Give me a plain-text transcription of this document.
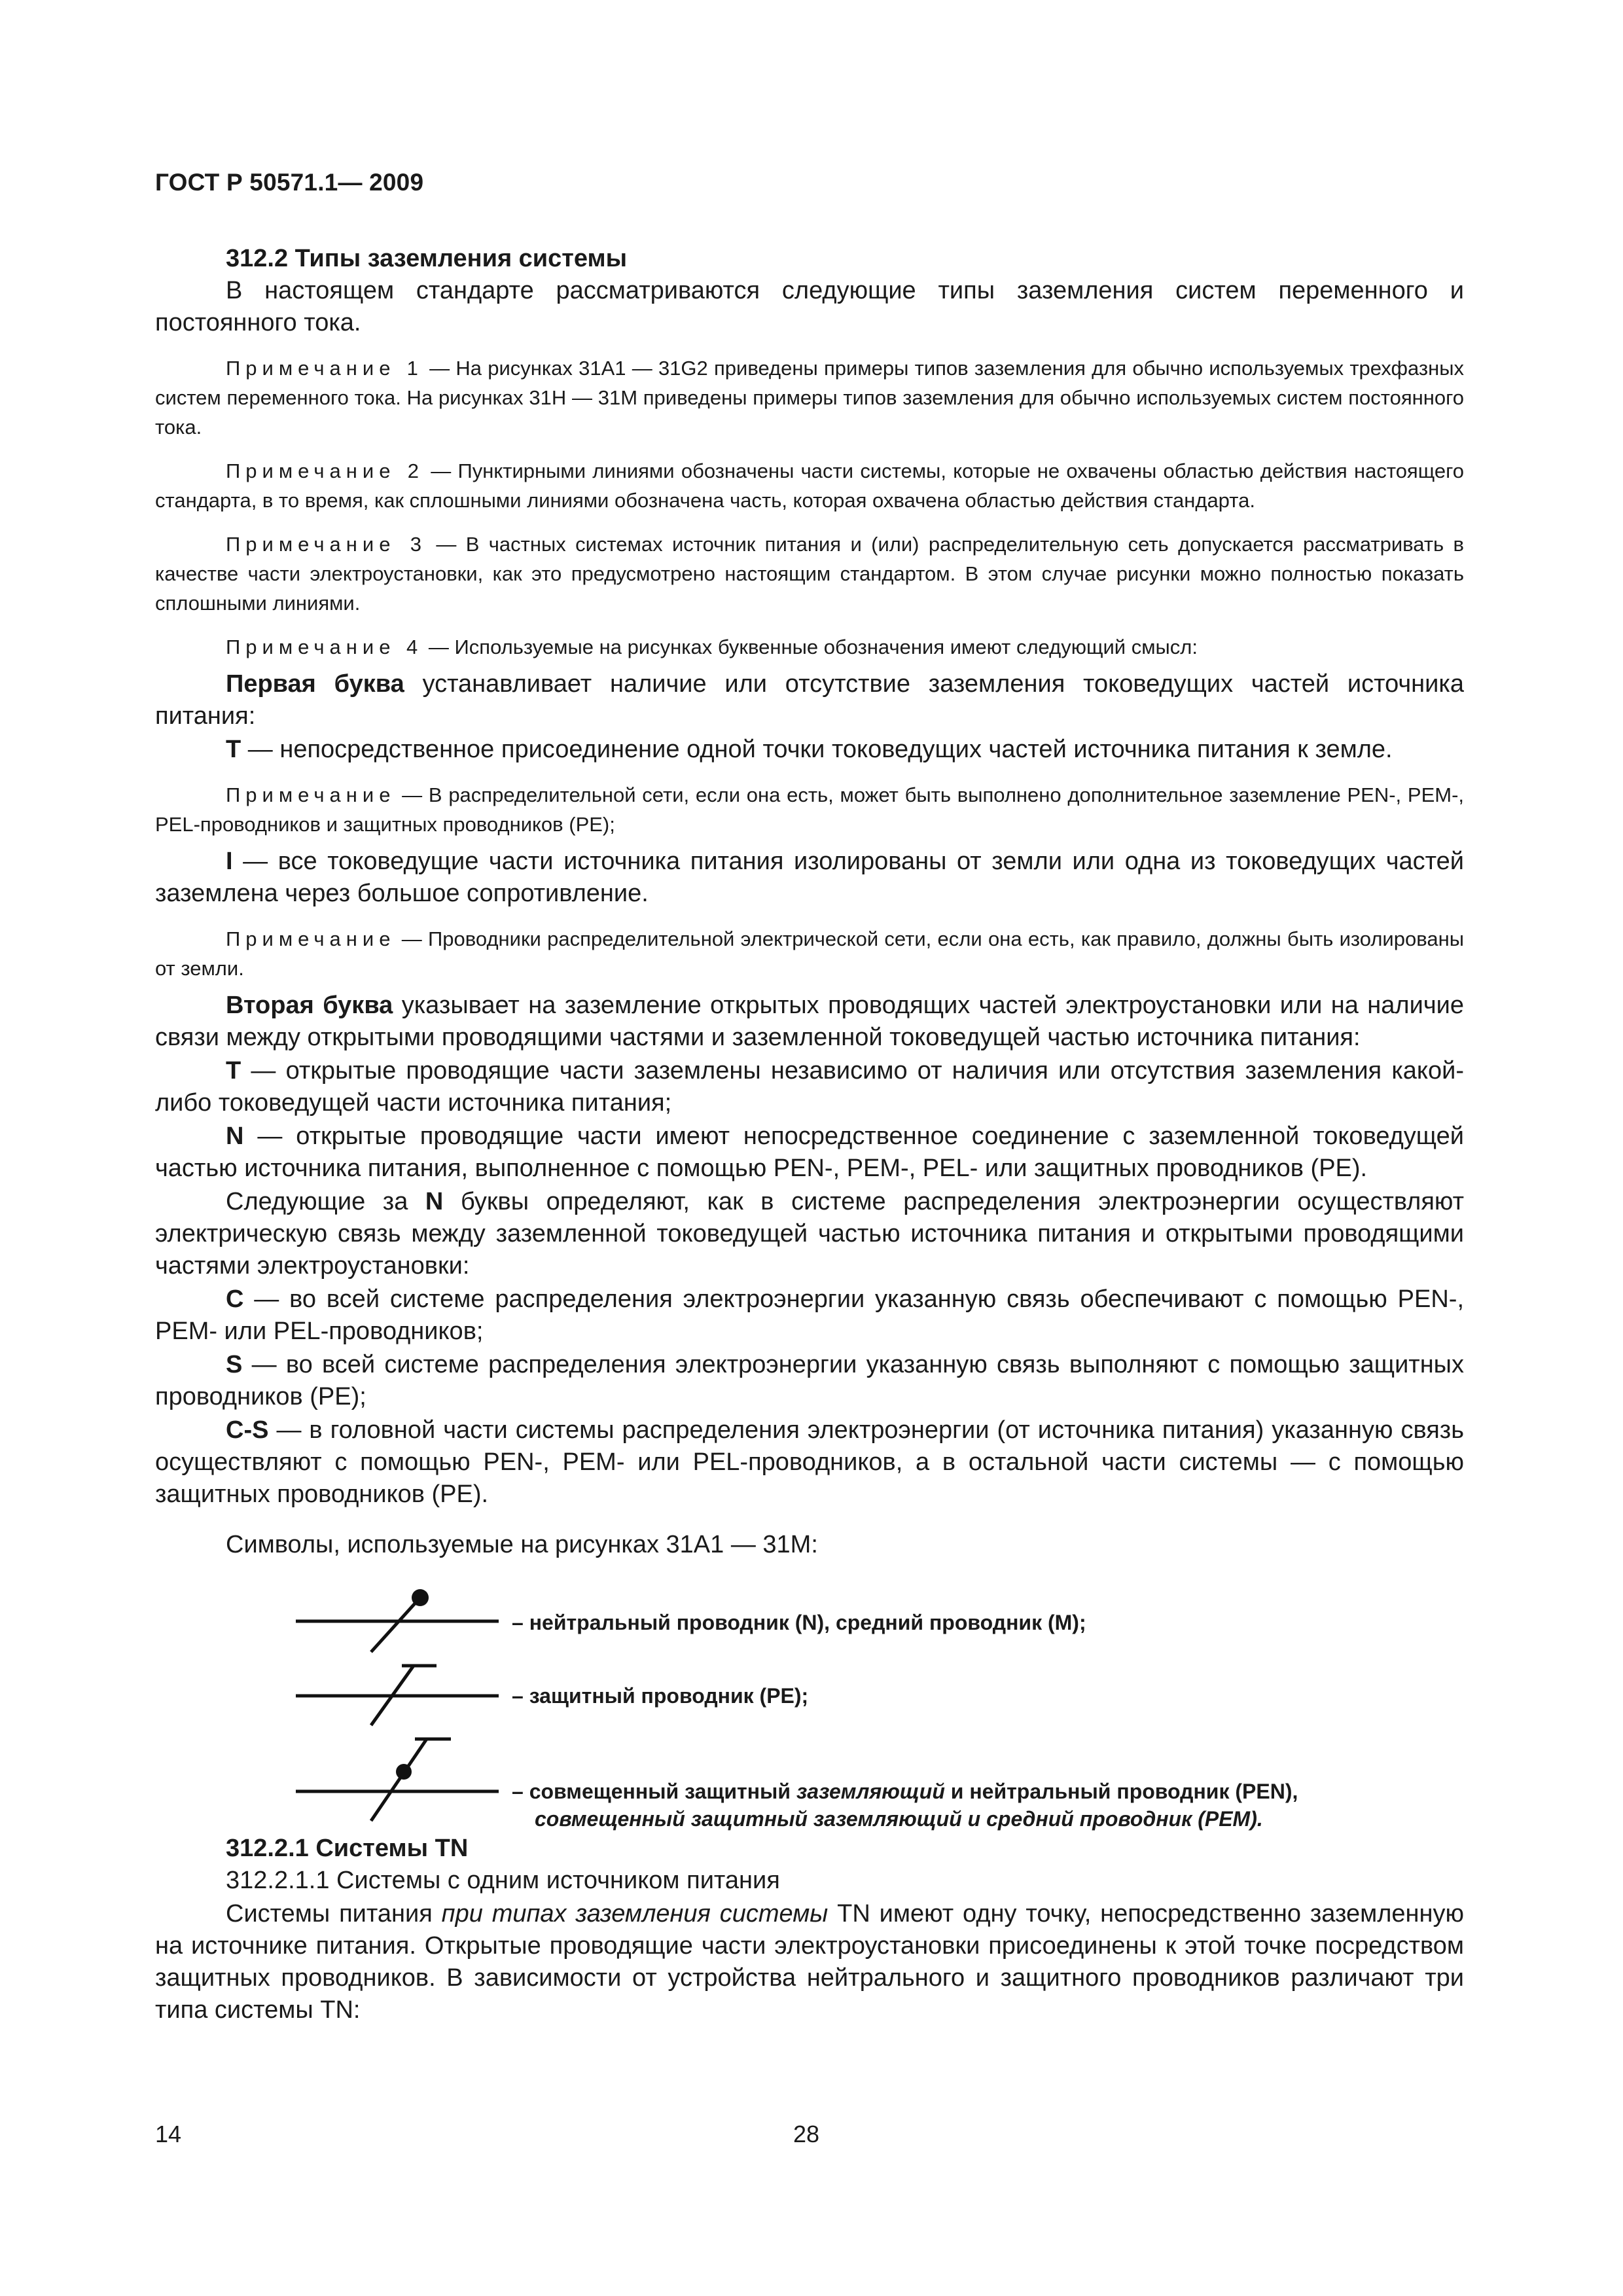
ГОСТ Р 50571.1— 2009
312.2 Типы заземления системы

В настоящем стандарте рассматриваются следующие типы заземления систем переменного и постоянного тока.

Примечание 1 — На рисунках 31А1 — 31G2 приведены примеры типов заземления для обычно используемых трехфазных систем переменного тока. На рисунках 31Н — 31М приведены примеры типов заземления для обычно используемых систем постоянного тока.

Примечание 2 — Пунктирными линиями обозначены части системы, которые не охвачены областью действия настоящего стандарта, в то время, как сплошными линиями обозначена часть, которая охвачена областью действия стандарта.

Примечание 3 — В частных системах источник питания и (или) распределительную сеть допускается рассматривать в качестве части электроустановки, как это предусмотрено настоящим стандартом. В этом случае рисунки можно полностью показать сплошными линиями.

Примечание 4 — Используемые на рисунках буквенные обозначения имеют следующий смысл:

Первая буква устанавливает наличие или отсутствие заземления токоведущих частей источника питания:

Т — непосредственное присоединение одной точки токоведущих частей источника питания к земле.

Примечание — В распределительной сети, если она есть, может быть выполнено дополнительное заземление PEN-, PEM-, PEL-проводников и защитных проводников (PE);

I — все токоведущие части источника питания изолированы от земли или одна из токоведущих частей заземлена через большое сопротивление.

Примечание — Проводники распределительной электрической сети, если она есть, как правило, должны быть изолированы от земли.

Вторая буква указывает на заземление открытых проводящих частей электроустановки или на наличие связи между открытыми проводящими частями и заземленной токоведущей частью источника питания:

Т — открытые проводящие части заземлены независимо от наличия или отсутствия заземления какой-либо токоведущей части источника питания;

N — открытые проводящие части имеют непосредственное соединение с заземленной токоведущей частью источника питания, выполненное с помощью PEN-, PEM-, PEL- или защитных проводников (РЕ).

Следующие за N буквы определяют, как в системе распределения электроэнергии осуществляют электрическую связь между заземленной токоведущей частью источника питания и открытыми проводящими частями электроустановки:

С — во всей системе распределения электроэнергии указанную связь обеспечивают с помощью PEN-, PEM- или PEL-проводников;

S — во всей системе распределения электроэнергии указанную связь выполняют с помощью защитных проводников (РЕ);

C-S — в головной части системы распределения электроэнергии (от источника питания) указанную связь осуществляют с помощью PEN-, PEM- или PEL-проводников, а в остальной части системы — с помощью защитных проводников (РЕ).

Символы, используемые на рисунках 31А1 — 31М:

– нейтральный проводник (N), средний проводник (M);
– защитный проводник (PE);
– совмещенный защитный заземляющий и нейтральный проводник (PEN),
совмещенный защитный заземляющий и средний проводник (PEM).
312.2.1 Системы TN

312.2.1.1 Системы с одним источником питания

Системы питания при типах заземления системы TN имеют одну точку, непосредственно заземленную на источнике питания. Открытые проводящие части электроустановки присоединены к этой точке посредством защитных проводников. В зависимости от устройства нейтрального и защитного проводников различают три типа системы TN:

14	28
